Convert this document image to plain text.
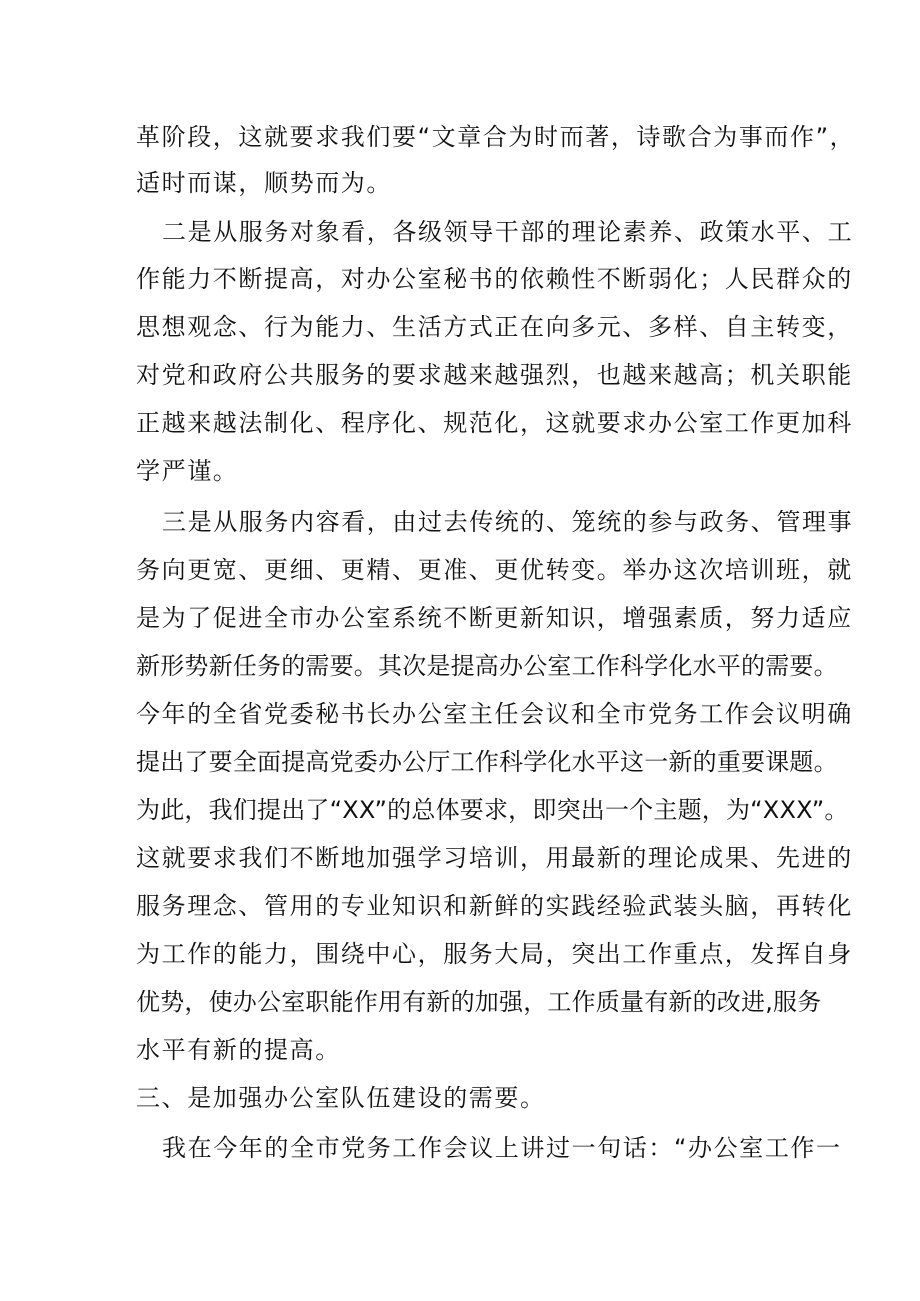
革阶段，这就要求我们要“文章合为时而著，诗歌合为事而作”，
适时而谋，顺势而为。
二是从服务对象看，各级领导干部的理论素养、政策水平、工
作能力不断提高，对办公室秘书的依赖性不断弱化；人民群众的
思想观念、行为能力、生活方式正在向多元、多样、自主转变，
对党和政府公共服务的要求越来越强烈，也越来越高；机关职能
正越来越法制化、程序化、规范化，这就要求办公室工作更加科
学严谨。
三是从服务内容看，由过去传统的、笼统的参与政务、管理事
务向更宽、更细、更精、更准、更优转变。举办这次培训班，就
是为了促进全市办公室系统不断更新知识，增强素质，努力适应
新形势新任务的需要。其次是提高办公室工作科学化水平的需要。
今年的全省党委秘书长办公室主任会议和全市党务工作会议明确
提出了要全面提高党委办公厅工作科学化水平这一新的重要课题。
为此，我们提出了“XX”的总体要求，即突出一个主题，为“XXX”。
这就要求我们不断地加强学习培训，用最新的理论成果、先进的
服务理念、管用的专业知识和新鲜的实践经验武装头脑，再转化
为工作的能力，围绕中心，服务大局，突出工作重点，发挥自身
优势，使办公室职能作用有新的加强，工作质量有新的改进,服务
水平有新的提高。
三、是加强办公室队伍建设的需要。
我在今年的全市党务工作会议上讲过一句话：“办公室工作一
